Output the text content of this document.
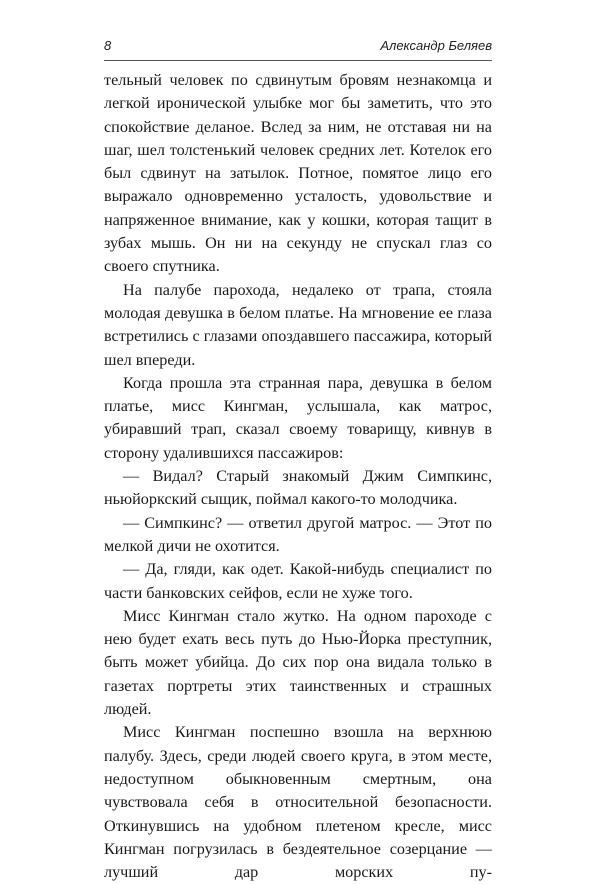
8	Александр Беляев

тельный человек по сдвинутым бровям незнакомца и легкой иронической улыбке мог бы заметить, что это спокойствие деланое. Вслед за ним, не отставая ни на шаг, шел толстенький человек средних лет. Котелок его был сдвинут на затылок. Потное, помятое лицо его выражало одновременно усталость, удовольствие и напряженное внимание, как у кошки, которая тащит в зубах мышь. Он ни на секунду не спускал глаз со своего спутника.

На палубе парохода, недалеко от трапа, стояла молодая девушка в белом платье. На мгновение ее глаза встретились с глазами опоздавшего пассажира, который шел впереди.

Когда прошла эта странная пара, девушка в белом платье, мисс Кингман, услышала, как матрос, убиравший трап, сказал своему товарищу, кивнув в сторону удалившихся пассажиров:

— Видал? Старый знакомый Джим Симпкинс, ньюйоркский сыщик, поймал какого-то молодчика.

— Симпкинс? — ответил другой матрос. — Этот по мелкой дичи не охотится.

— Да, гляди, как одет. Какой-нибудь специалист по части банковских сейфов, если не хуже того.

Мисс Кингман стало жутко. На одном пароходе с нею будет ехать весь путь до Нью-Йорка преступник, быть может убийца. До сих пор она видала только в газетах портреты этих таинственных и страшных людей.

Мисс Кингман поспешно взошла на верхнюю палубу. Здесь, среди людей своего круга, в этом месте, недоступном обыкновенным смертным, она чувствовала себя в относительной безопасности. Откинувшись на удобном плетеном кресле, мисс Кингман погрузилась в бездеятельное созерцание — лучший дар морских пу-
